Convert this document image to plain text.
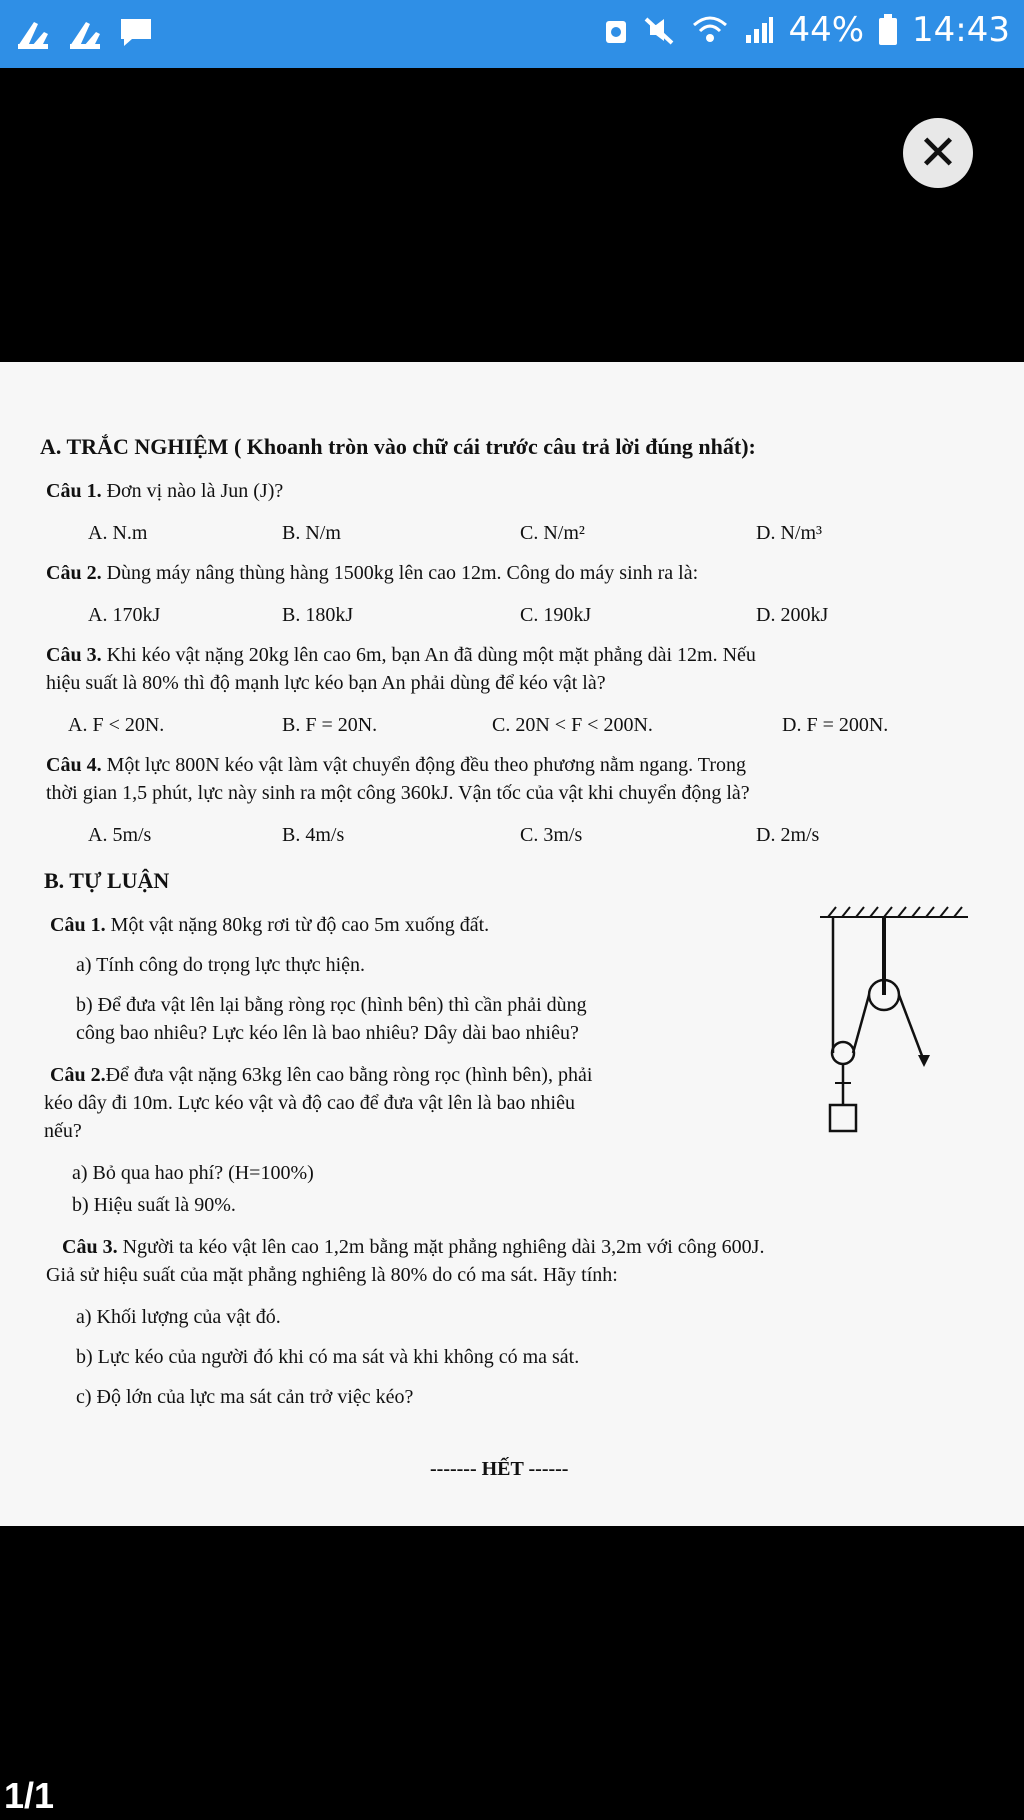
44% 14:43
✕
A. TRẮC NGHIỆM ( Khoanh tròn vào chữ cái trước câu trả lời đúng nhất):
Câu 1. Đơn vị nào là Jun (J)?
A. N.m	B. N/m	C. N/m²	D. N/m³
Câu 2. Dùng máy nâng thùng hàng 1500kg lên cao 12m. Công do máy sinh ra là:
A. 170kJ	B. 180kJ	C. 190kJ	D. 200kJ
Câu 3. Khi kéo vật nặng 20kg lên cao 6m, bạn An đã dùng một mặt phẳng dài 12m. Nếu
hiệu suất là 80% thì độ mạnh lực kéo bạn An phải dùng để kéo vật là?
A. F < 20N.	B. F = 20N.	C. 20N < F < 200N.	D. F = 200N.
Câu 4. Một lực 800N kéo vật làm vật chuyển động đều theo phương nằm ngang. Trong
thời gian 1,5 phút, lực này sinh ra một công 360kJ. Vận tốc của vật khi chuyển động là?
A. 5m/s	B. 4m/s	C. 3m/s	D. 2m/s
B. TỰ LUẬN
Câu 1. Một vật nặng 80kg rơi từ độ cao 5m xuống đất.
a) Tính công do trọng lực thực hiện.
b) Để đưa vật lên lại bằng ròng rọc (hình bên) thì cần phải dùng
công bao nhiêu? Lực kéo lên là bao nhiêu? Dây dài bao nhiêu?
Câu 2.Để đưa vật nặng 63kg lên cao bằng ròng rọc (hình bên), phải
kéo dây đi 10m. Lực kéo vật và độ cao để đưa vật lên là bao nhiêu
nếu?
a) Bỏ qua hao phí? (H=100%)
b) Hiệu suất là 90%.
Câu 3. Người ta kéo vật lên cao 1,2m bằng mặt phẳng nghiêng dài 3,2m với công 600J.
Giả sử hiệu suất của mặt phẳng nghiêng là 80% do có ma sát. Hãy tính:
a) Khối lượng của vật đó.
b) Lực kéo của người đó khi có ma sát và khi không có ma sát.
c) Độ lớn của lực ma sát cản trở việc kéo?
------- HẾT ------
1/1
